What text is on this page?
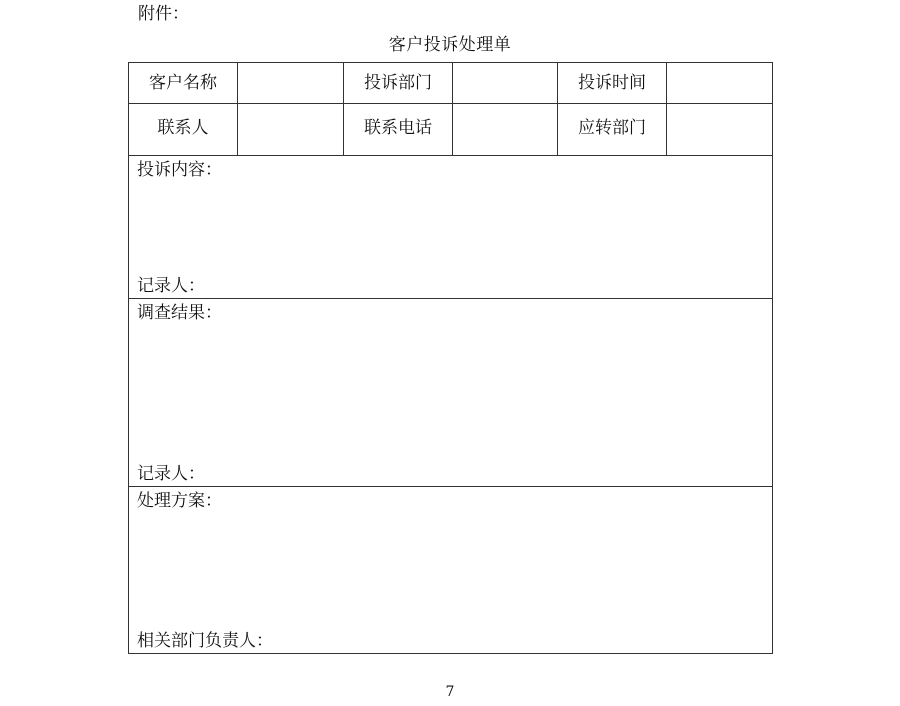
附件：
客户投诉处理单
客户名称	投诉部门	投诉时间
联系人	联系电话	应转部门
投诉内容：
记录人：
调查结果：
记录人：
处理方案：
相关部门负责人：
7
